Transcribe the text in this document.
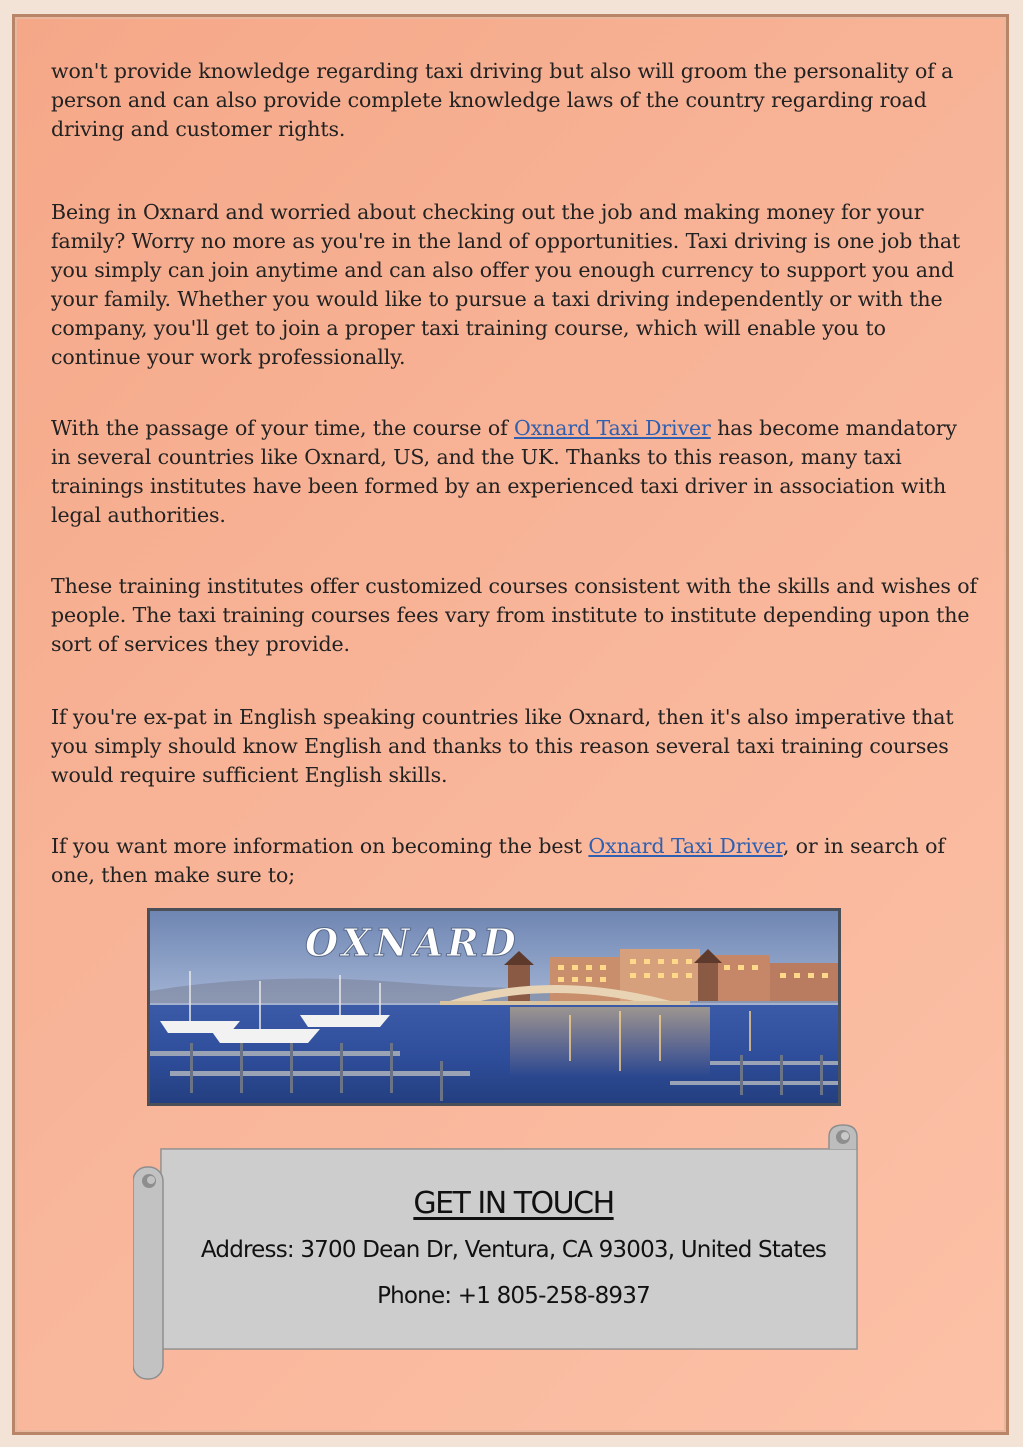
won't provide knowledge regarding taxi driving but also will groom the personality of a person and can also provide complete knowledge laws of the country regarding road driving and customer rights.

Being in Oxnard and worried about checking out the job and making money for your family? Worry no more as you're in the land of opportunities. Taxi driving is one job that you simply can join anytime and can also offer you enough currency to support you and your family. Whether you would like to pursue a taxi driving independently or with the company, you'll get to join a proper taxi training course, which will enable you to continue your work professionally.

With the passage of your time, the course of Oxnard Taxi Driver has become mandatory in several countries like Oxnard, US, and the UK. Thanks to this reason, many taxi trainings institutes have been formed by an experienced taxi driver in association with legal authorities.

These training institutes offer customized courses consistent with the skills and wishes of people. The taxi training courses fees vary from institute to institute depending upon the sort of services they provide.

If you're ex-pat in English speaking countries like Oxnard, then it's also imperative that you simply should know English and thanks to this reason several taxi training courses would require sufficient English skills.

If you want more information on becoming the best Oxnard Taxi Driver, or in search of one, then make sure to;

OXNARD
GET IN TOUCH
Address: 3700 Dean Dr, Ventura, CA 93003, United States
Phone: +1 805-258-8937
